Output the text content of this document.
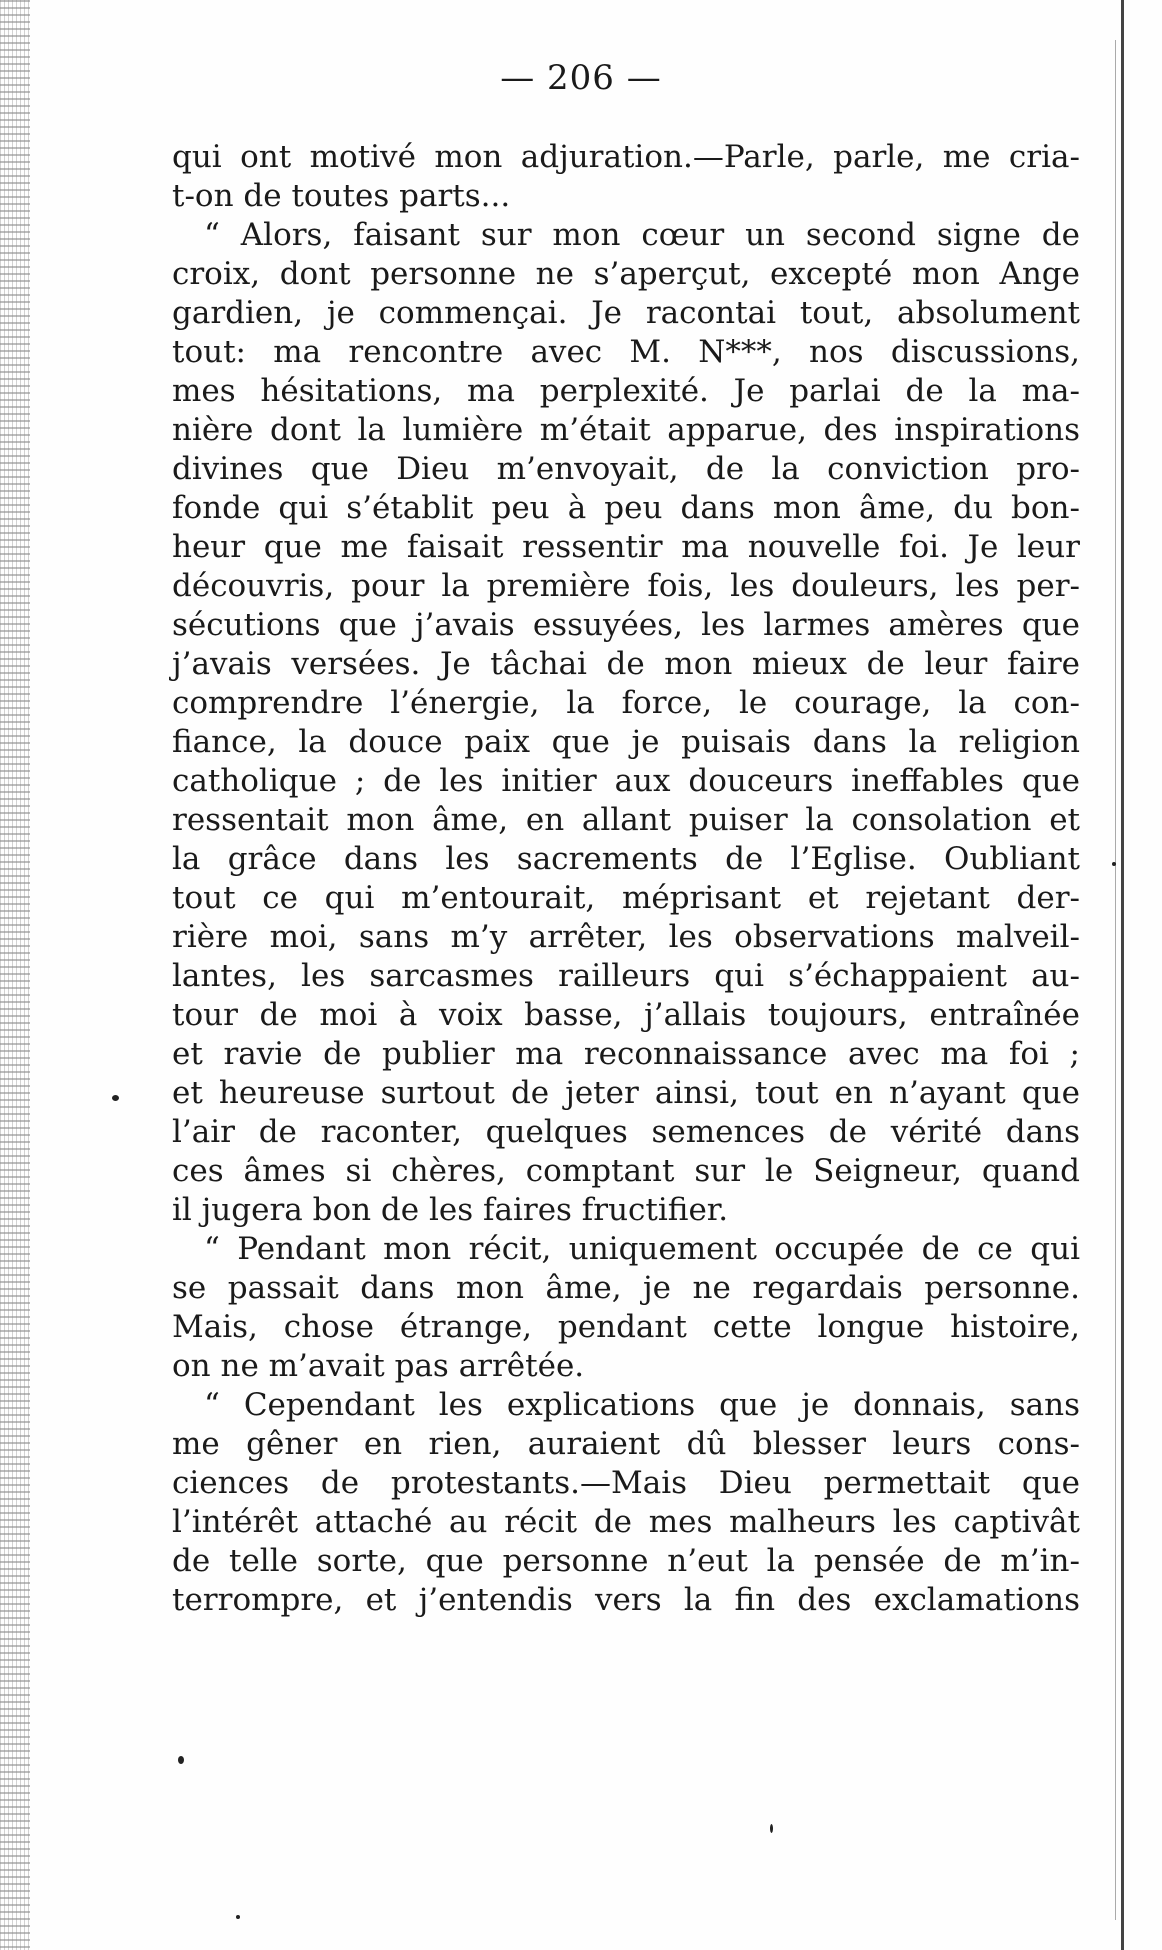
— 206 —
qui ont motivé mon adjuration.—Parle, parle, me cria-
t-on de toutes parts...
“ Alors, faisant sur mon cœur un second signe de
croix, dont personne ne s’aperçut, excepté mon Ange
gardien, je commençai. Je racontai tout, absolument
tout: ma rencontre avec M. N***, nos discussions,
mes hésitations, ma perplexité. Je parlai de la ma-
nière dont la lumière m’était apparue, des inspirations
divines que Dieu m’envoyait, de la conviction pro-
fonde qui s’établit peu à peu dans mon âme, du bon-
heur que me faisait ressentir ma nouvelle foi. Je leur
découvris, pour la première fois, les douleurs, les per-
sécutions que j’avais essuyées, les larmes amères que
j’avais versées. Je tâchai de mon mieux de leur faire
comprendre l’énergie, la force, le courage, la con-
fiance, la douce paix que je puisais dans la religion
catholique ; de les initier aux douceurs ineffables que
ressentait mon âme, en allant puiser la consolation et
la grâce dans les sacrements de l’Eglise. Oubliant
tout ce qui m’entourait, méprisant et rejetant der-
rière moi, sans m’y arrêter, les observations malveil-
lantes, les sarcasmes railleurs qui s’échappaient au-
tour de moi à voix basse, j’allais toujours, entraînée
et ravie de publier ma reconnaissance avec ma foi ;
et heureuse surtout de jeter ainsi, tout en n’ayant que
l’air de raconter, quelques semences de vérité dans
ces âmes si chères, comptant sur le Seigneur, quand
il jugera bon de les faires fructifier.
“ Pendant mon récit, uniquement occupée de ce qui
se passait dans mon âme, je ne regardais personne.
Mais, chose étrange, pendant cette longue histoire,
on ne m’avait pas arrêtée.
“ Cependant les explications que je donnais, sans
me gêner en rien, auraient dû blesser leurs cons-
ciences de protestants.—Mais Dieu permettait que
l’intérêt attaché au récit de mes malheurs les captivât
de telle sorte, que personne n’eut la pensée de m’in-
terrompre, et j’entendis vers la fin des exclamations
